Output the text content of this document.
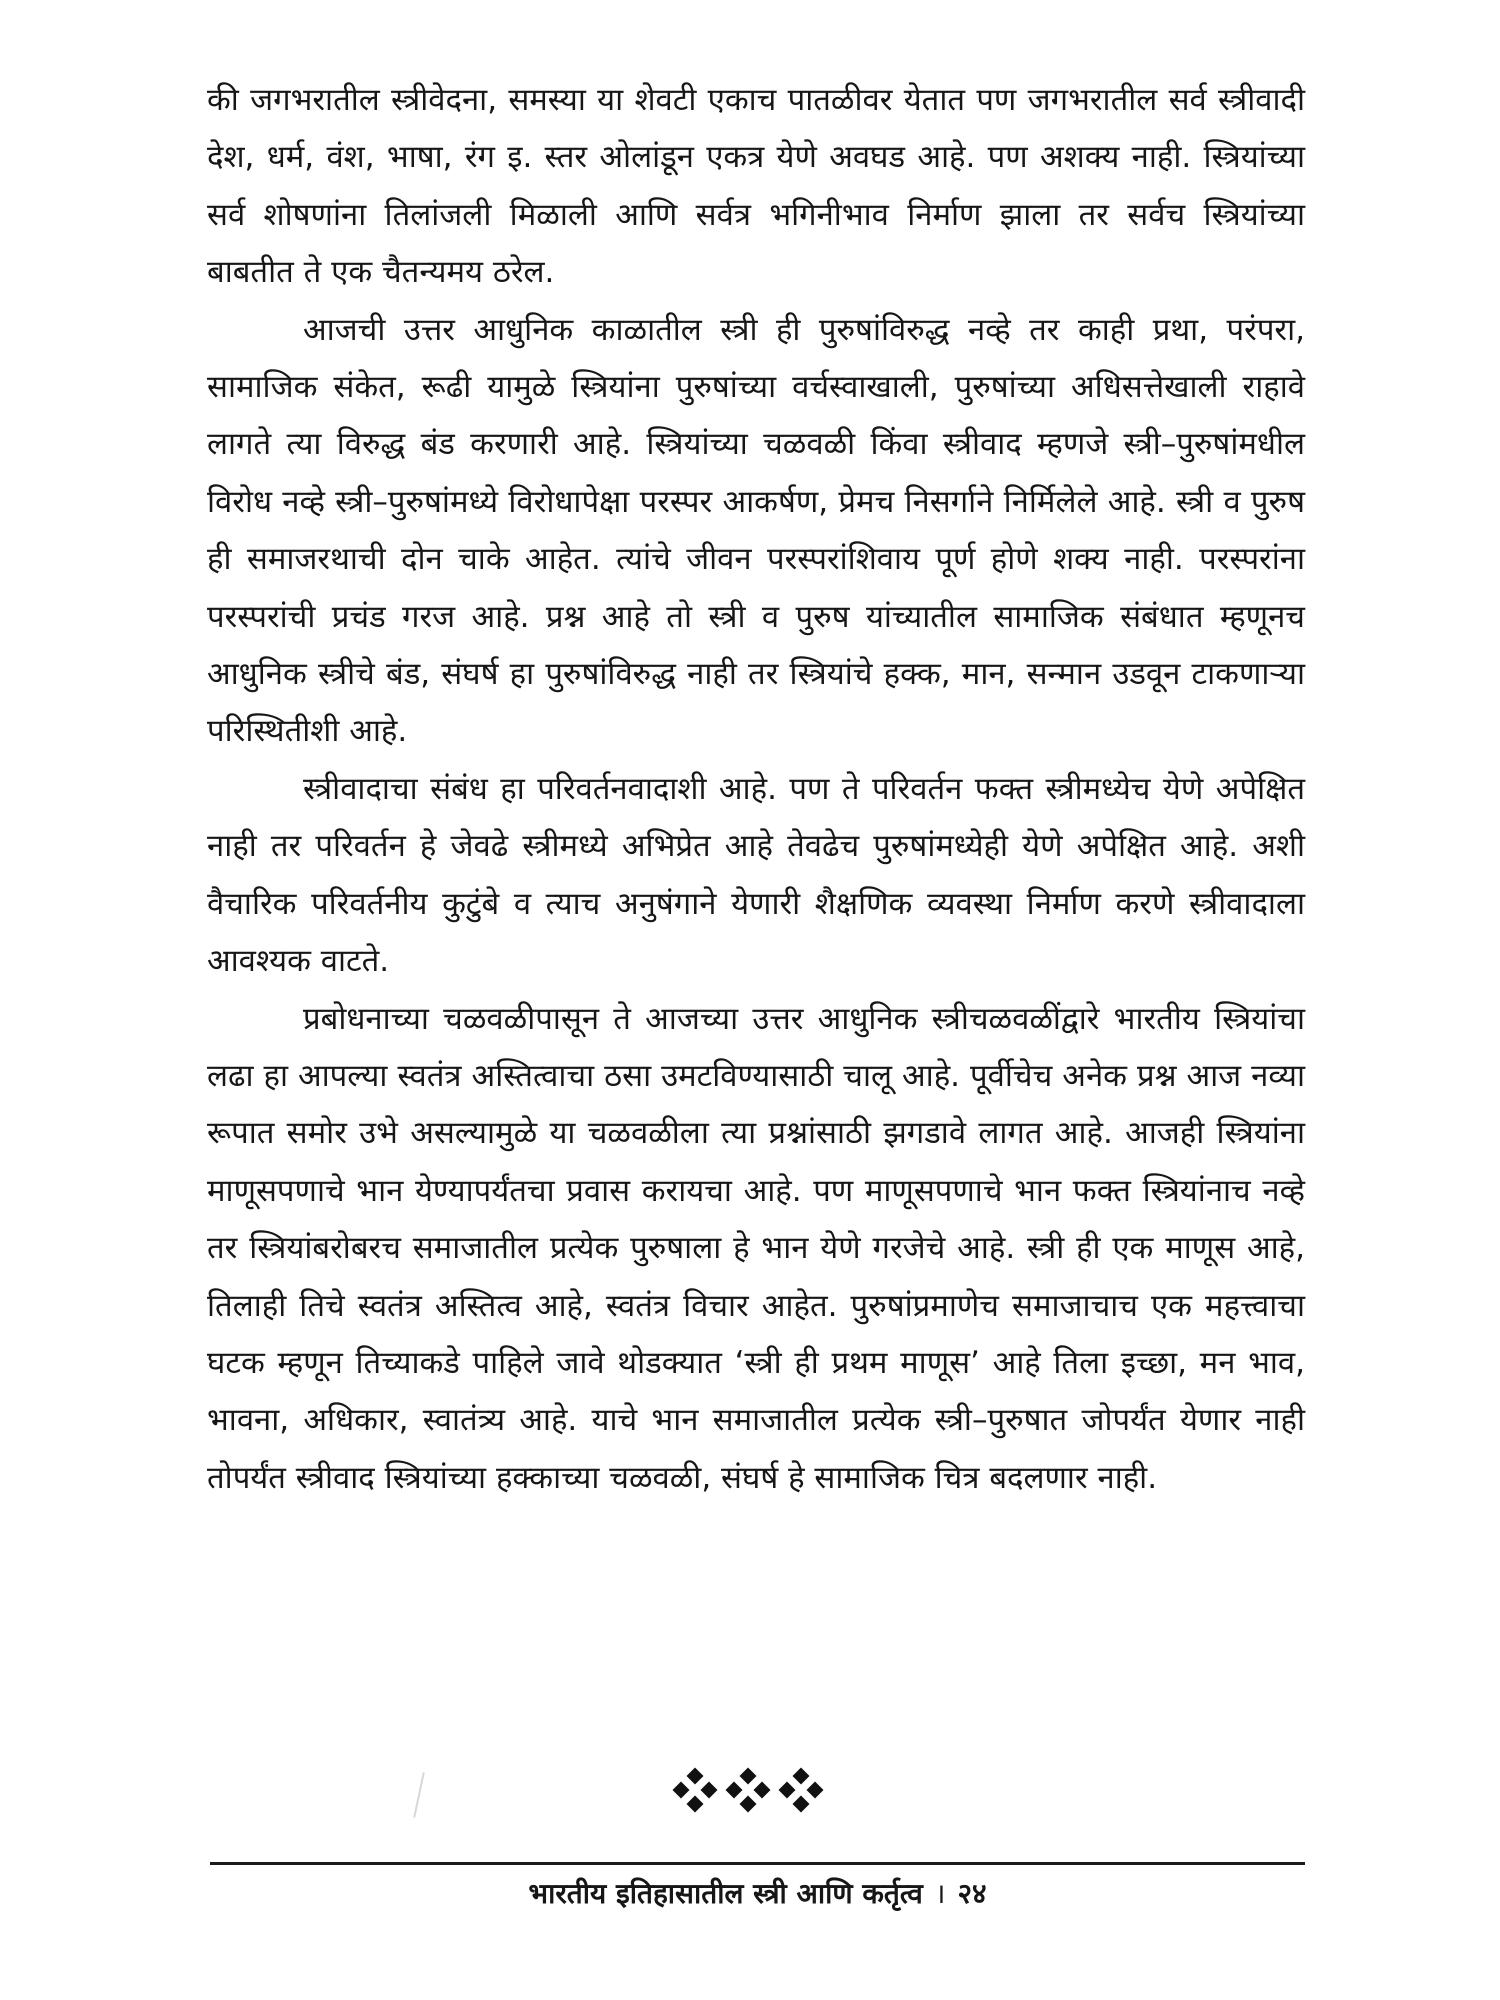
की जगभरातील स्त्रीवेदना, समस्या या शेवटी एकाच पातळीवर येतात पण जगभरातील सर्व स्त्रीवादी देश, धर्म, वंश, भाषा, रंग इ. स्तर ओलांडून एकत्र येणे अवघड आहे. पण अशक्य नाही. स्त्रियांच्या सर्व शोषणांना तिलांजली मिळाली आणि सर्वत्र भगिनीभाव निर्माण झाला तर सर्वच स्त्रियांच्या बाबतीत ते एक चैतन्यमय ठरेल.

आजची उत्तर आधुनिक काळातील स्त्री ही पुरुषांविरुद्ध नव्हे तर काही प्रथा, परंपरा, सामाजिक संकेत, रूढी यामुळे स्त्रियांना पुरुषांच्या वर्चस्वाखाली, पुरुषांच्या अधिसत्तेखाली राहावे लागते त्या विरुद्ध बंड करणारी आहे. स्त्रियांच्या चळवळी किंवा स्त्रीवाद म्हणजे स्त्री–पुरुषांमधील विरोध नव्हे स्त्री–पुरुषांमध्ये विरोधापेक्षा परस्पर आकर्षण, प्रेमच निसर्गाने निर्मिलेले आहे. स्त्री व पुरुष ही समाजरथाची दोन चाके आहेत. त्यांचे जीवन परस्परांशिवाय पूर्ण होणे शक्य नाही. परस्परांना परस्परांची प्रचंड गरज आहे. प्रश्न आहे तो स्त्री व पुरुष यांच्यातील सामाजिक संबंधात म्हणूनच आधुनिक स्त्रीचे बंड, संघर्ष हा पुरुषांविरुद्ध नाही तर स्त्रियांचे हक्क, मान, सन्मान उडवून टाकणाऱ्या परिस्थितीशी आहे.

स्त्रीवादाचा संबंध हा परिवर्तनवादाशी आहे. पण ते परिवर्तन फक्त स्त्रीमध्येच येणे अपेक्षित नाही तर परिवर्तन हे जेवढे स्त्रीमध्ये अभिप्रेत आहे तेवढेच पुरुषांमध्येही येणे अपेक्षित आहे. अशी वैचारिक परिवर्तनीय कुटुंबे व त्याच अनुषंगाने येणारी शैक्षणिक व्यवस्था निर्माण करणे स्त्रीवादाला आवश्यक वाटते.

प्रबोधनाच्या चळवळीपासून ते आजच्या उत्तर आधुनिक स्त्रीचळवळींद्वारे भारतीय स्त्रियांचा लढा हा आपल्या स्वतंत्र अस्तित्वाचा ठसा उमटविण्यासाठी चालू आहे. पूर्वीचेच अनेक प्रश्न आज नव्या रूपात समोर उभे असल्यामुळे या चळवळीला त्या प्रश्नांसाठी झगडावे लागत आहे. आजही स्त्रियांना माणूसपणाचे भान येण्यापर्यंतचा प्रवास करायचा आहे. पण माणूसपणाचे भान फक्त स्त्रियांनाच नव्हे तर स्त्रियांबरोबरच समाजातील प्रत्येक पुरुषाला हे भान येणे गरजेचे आहे. स्त्री ही एक माणूस आहे, तिलाही तिचे स्वतंत्र अस्तित्व आहे, स्वतंत्र विचार आहेत. पुरुषांप्रमाणेच समाजाचाच एक महत्त्वाचा घटक म्हणून तिच्याकडे पाहिले जावे थोडक्यात ‘स्त्री ही प्रथम माणूस’ आहे तिला इच्छा, मन भाव, भावना, अधिकार, स्वातंत्र्य आहे. याचे भान समाजातील प्रत्येक स्त्री–पुरुषात जोपर्यंत येणार नाही तोपर्यंत स्त्रीवाद स्त्रियांच्या हक्काच्या चळवळी, संघर्ष हे सामाजिक चित्र बदलणार नाही.

भारतीय इतिहासातील स्त्री आणि कर्तृत्व । २४
